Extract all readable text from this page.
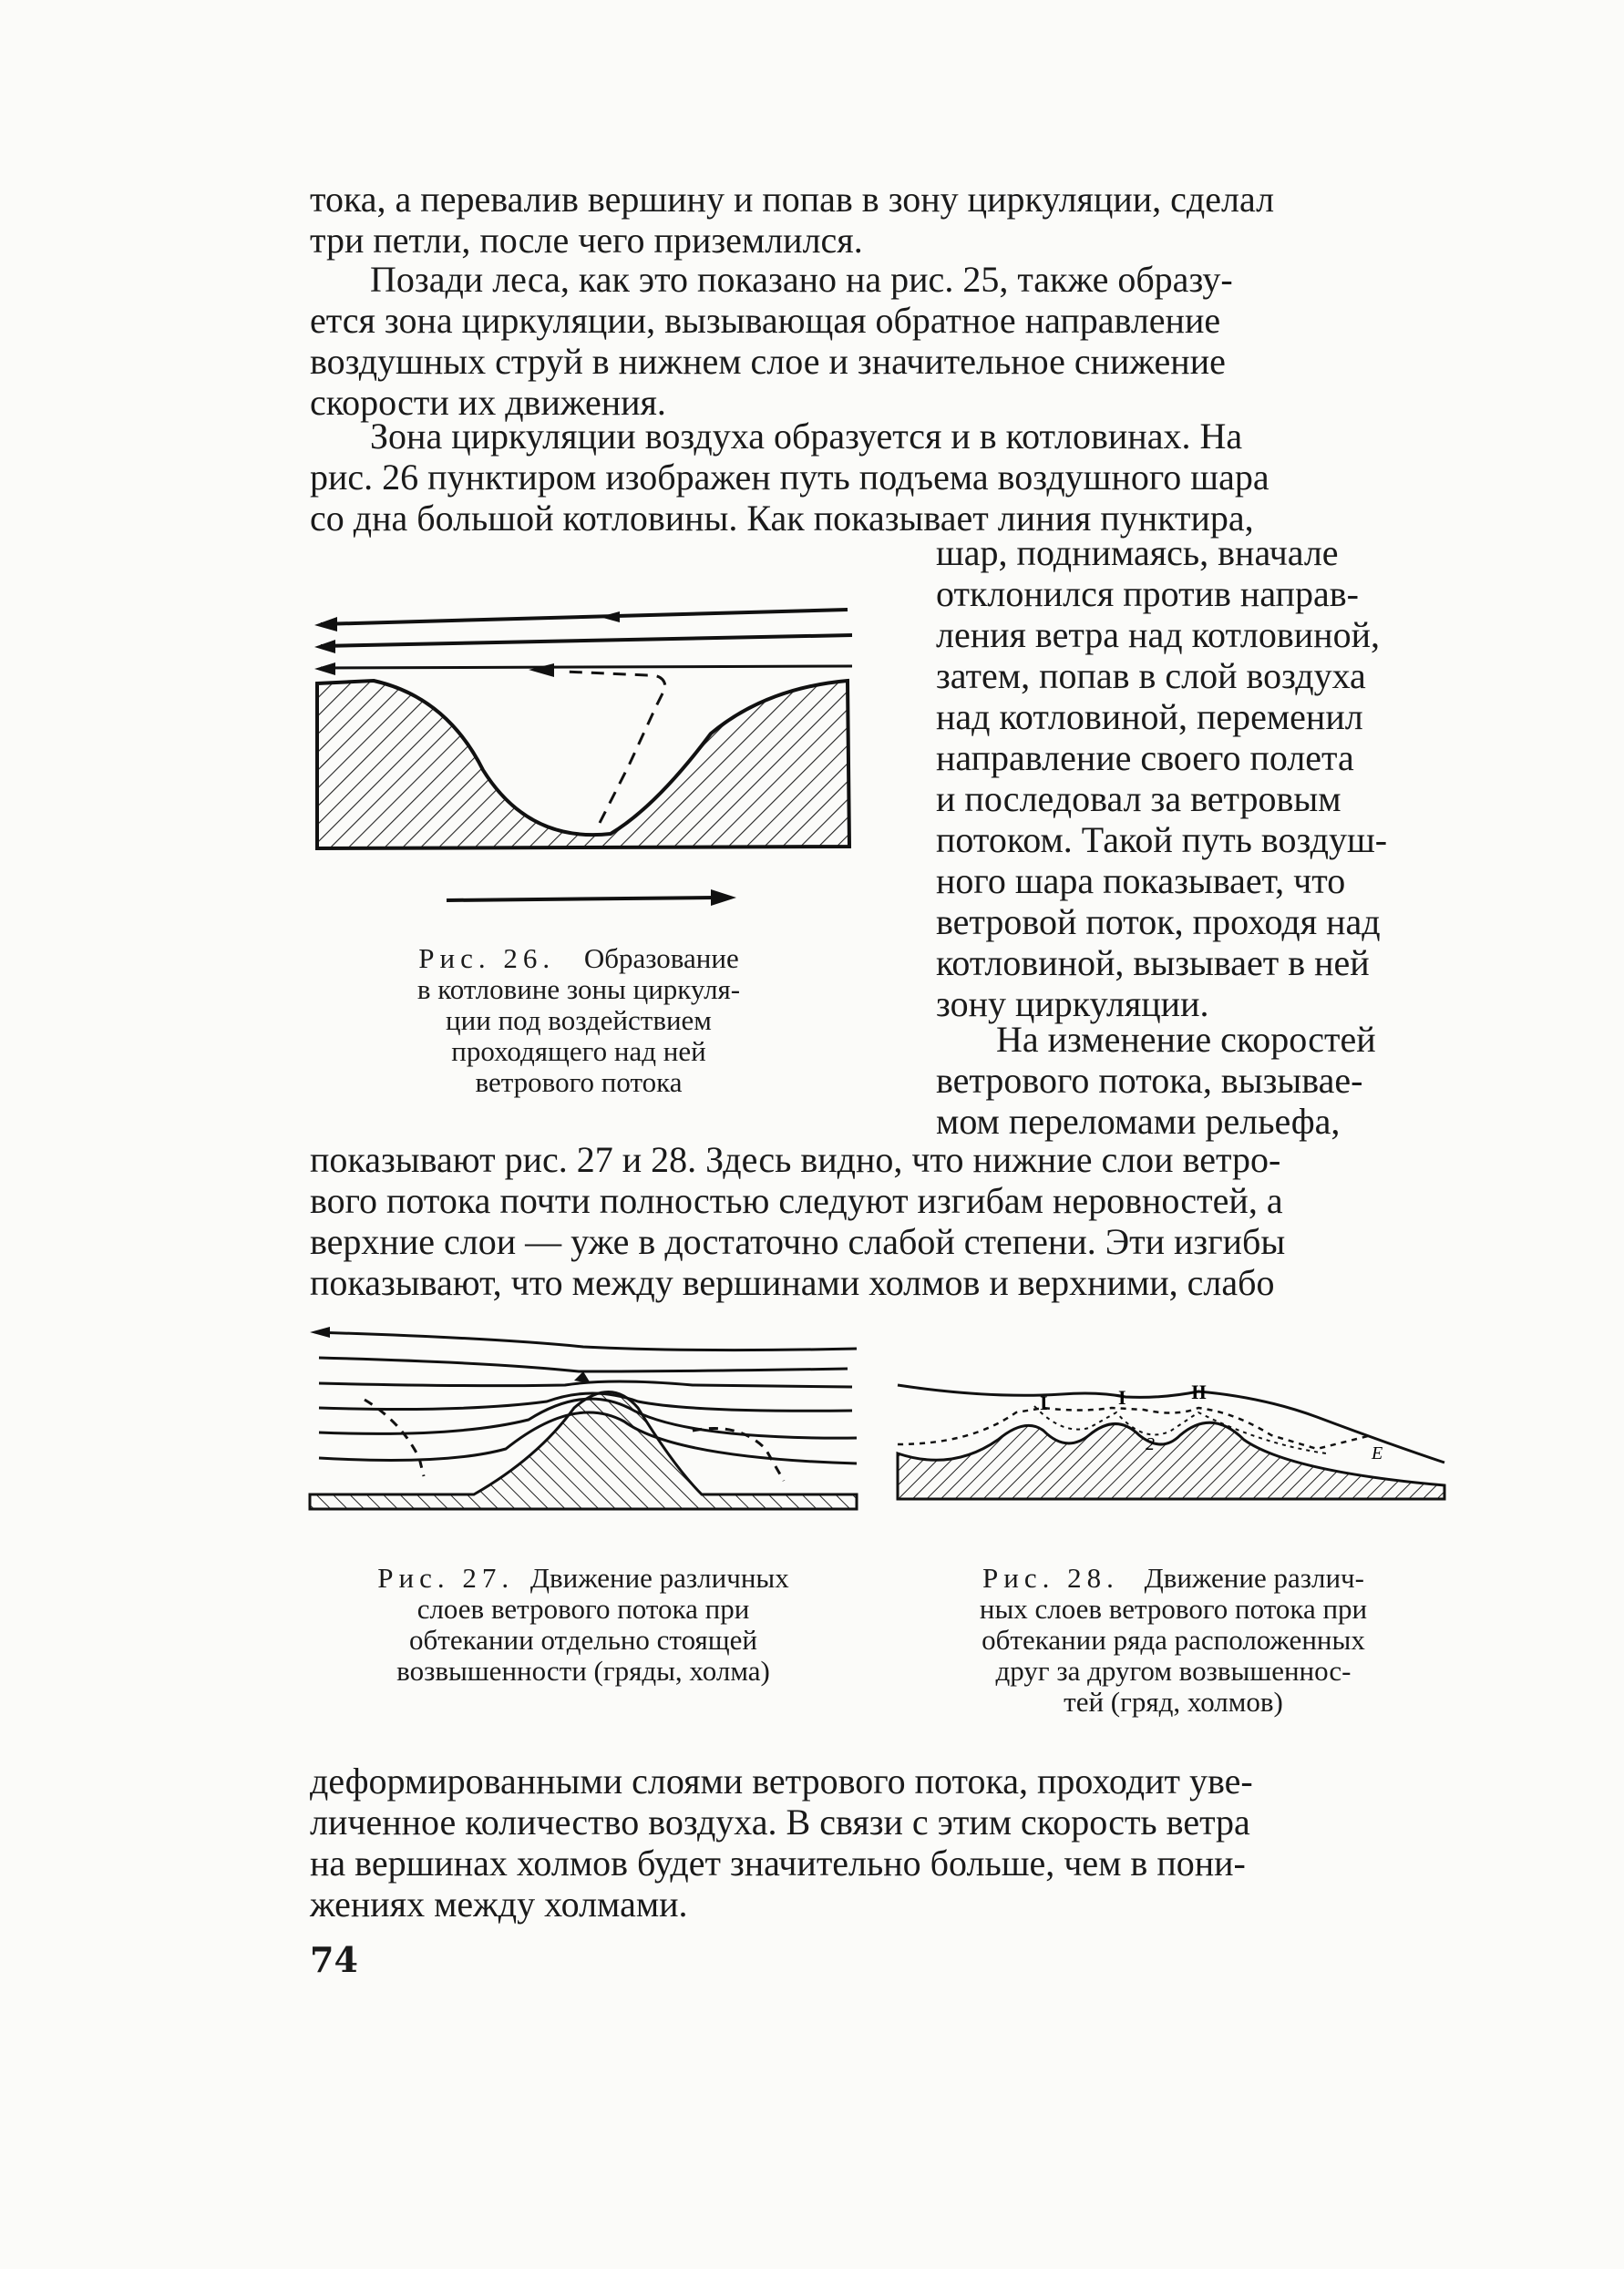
тока, а перевалив вершину и попав в зону циркуляции, сделал
три петли, после чего приземлился.
Позади леса, как это показано на рис. 25, также образу-
ется зона циркуляции, вызывающая обратное направление
воздушных струй в нижнем слое и значительное снижение
скорости их движения.
Зона циркуляции воздуха образуется и в котловинах. На
рис. 26 пунктиром изображен путь подъема воздушного шара
со дна большой котловины. Как показывает линия пунктира,
шар, поднимаясь, вначале
отклонился против направ-
ления ветра над котловиной,
затем, попав в слой воздуха
над котловиной, переменил
направление своего полета
и последовал за ветровым
потоком. Такой путь воздуш-
ного шара показывает, что
ветровой поток, проходя над
котловиной, вызывает в ней
зону циркуляции.
На изменение скоростей
ветрового потока, вызывае-
мом переломами рельефа,
показывают рис. 27 и 28. Здесь видно, что нижние слои ветро-
вого потока почти полностью следуют изгибам неровностей, а
верхние слои — уже в достаточно слабой степени. Эти изгибы
показывают, что между вершинами холмов и верхними, слабо
Рис. 26. Образование
в котловине зоны циркуля-
ции под воздействием
проходящего над ней
ветрового потока
I	I	II
2	E
Рис. 27. Движение различных
слоев ветрового потока при
обтекании отдельно стоящей
возвышенности (гряды, холма)
Рис. 28. Движение различ-
ных слоев ветрового потока при
обтекании ряда расположенных
друг за другом возвышеннос-
тей (гряд, холмов)
деформированными слоями ветрового потока, проходит уве-
личенное количество воздуха. В связи с этим скорость ветра
на вершинах холмов будет значительно больше, чем в пони-
жениях между холмами.
74
